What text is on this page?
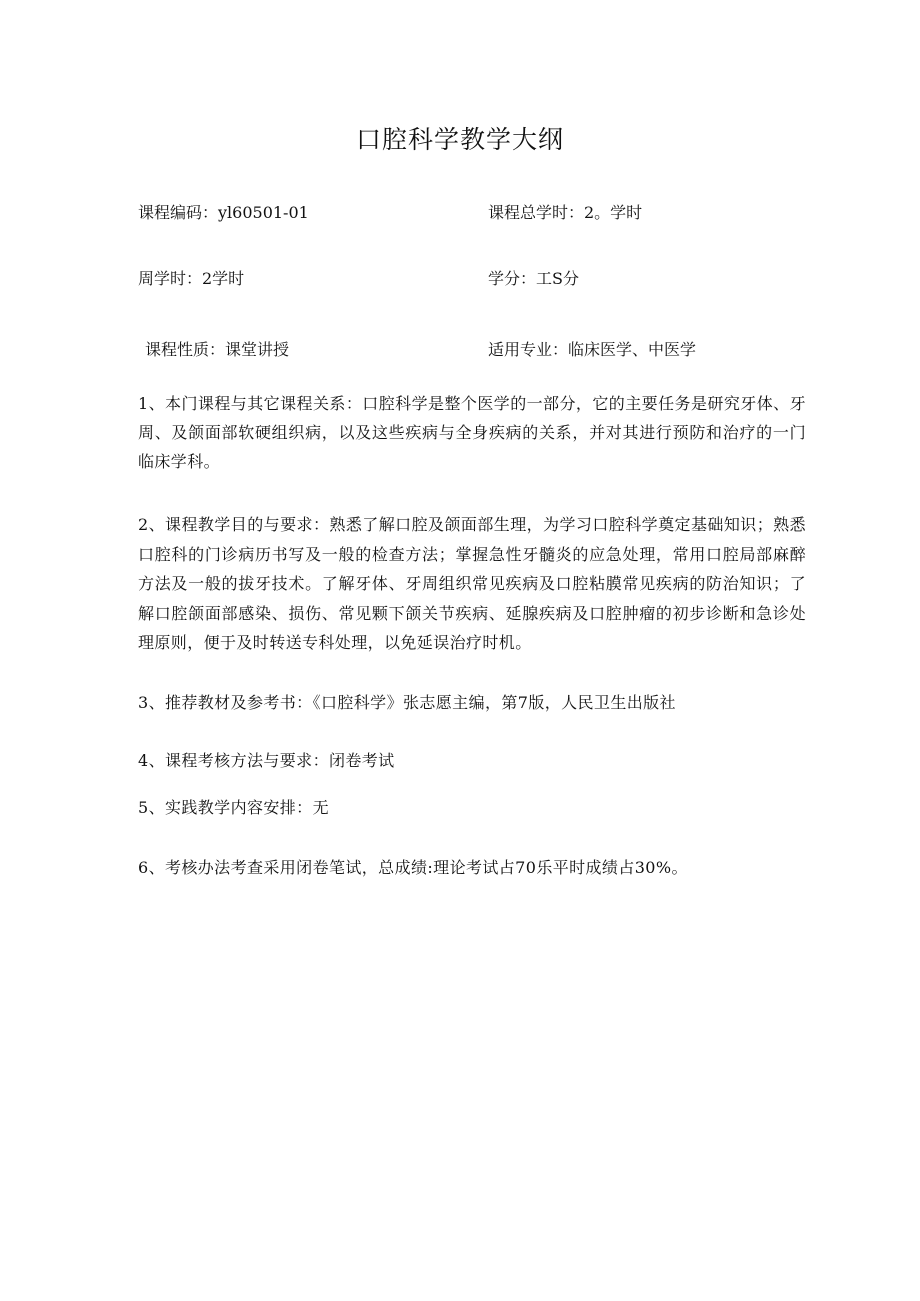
口腔科学教学大纲
课程编码：yl60501-01	课程总学时：2。学时
周学时：2学时	学分：工S分
课程性质：课堂讲授	适用专业：临床医学、中医学
1、本门课程与其它课程关系：口腔科学是整个医学的一部分，它的主要任务是研究牙体、牙周、及颌面部软硬组织病，以及这些疾病与全身疾病的关系，并对其进行预防和治疗的一门临床学科。
2、课程教学目的与要求：熟悉了解口腔及颌面部生理，为学习口腔科学奠定基础知识；熟悉口腔科的门诊病历书写及一般的检查方法；掌握急性牙髓炎的应急处理，常用口腔局部麻醉方法及一般的拔牙技术。了解牙体、牙周组织常见疾病及口腔粘膜常见疾病的防治知识；了解口腔颌面部感染、损伤、常见颗下颌关节疾病、延腺疾病及口腔肿瘤的初步诊断和急诊处理原则，便于及时转送专科处理，以免延误治疗时机。
3、推荐教材及参考书：《口腔科学》张志愿主编，第7版，人民卫生出版社
4、课程考核方法与要求：闭卷考试
5、实践教学内容安排：无
6、考核办法考查采用闭卷笔试，总成绩:理论考试占70乐平时成绩占30%。
